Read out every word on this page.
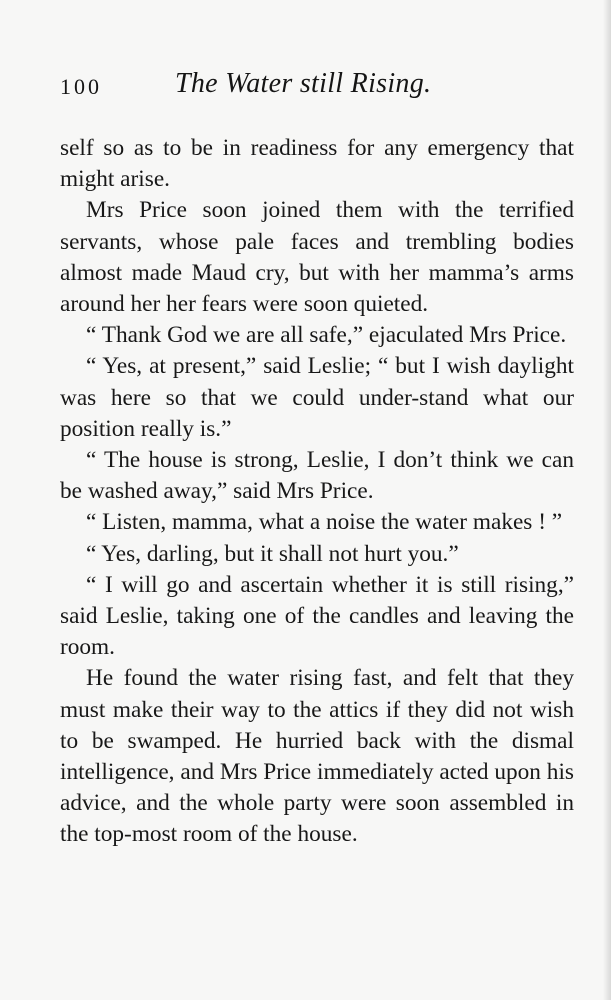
100	The Water still Rising.

self so as to be in readiness for any emergency that might arise.

Mrs Price soon joined them with the terrified servants, whose pale faces and trembling bodies almost made Maud cry, but with her mamma’s arms around her her fears were soon quieted.

“ Thank God we are all safe,” ejaculated Mrs Price.

“ Yes, at present,” said Leslie; “ but I wish daylight was here so that we could under-stand what our position really is.”

“ The house is strong, Leslie, I don’t think we can be washed away,” said Mrs Price.

“ Listen, mamma, what a noise the water makes ! ”

“ Yes, darling, but it shall not hurt you.”

“ I will go and ascertain whether it is still rising,” said Leslie, taking one of the candles and leaving the room.

He found the water rising fast, and felt that they must make their way to the attics if they did not wish to be swamped. He hurried back with the dismal intelligence, and Mrs Price immediately acted upon his advice, and the whole party were soon assembled in the top-most room of the house.
